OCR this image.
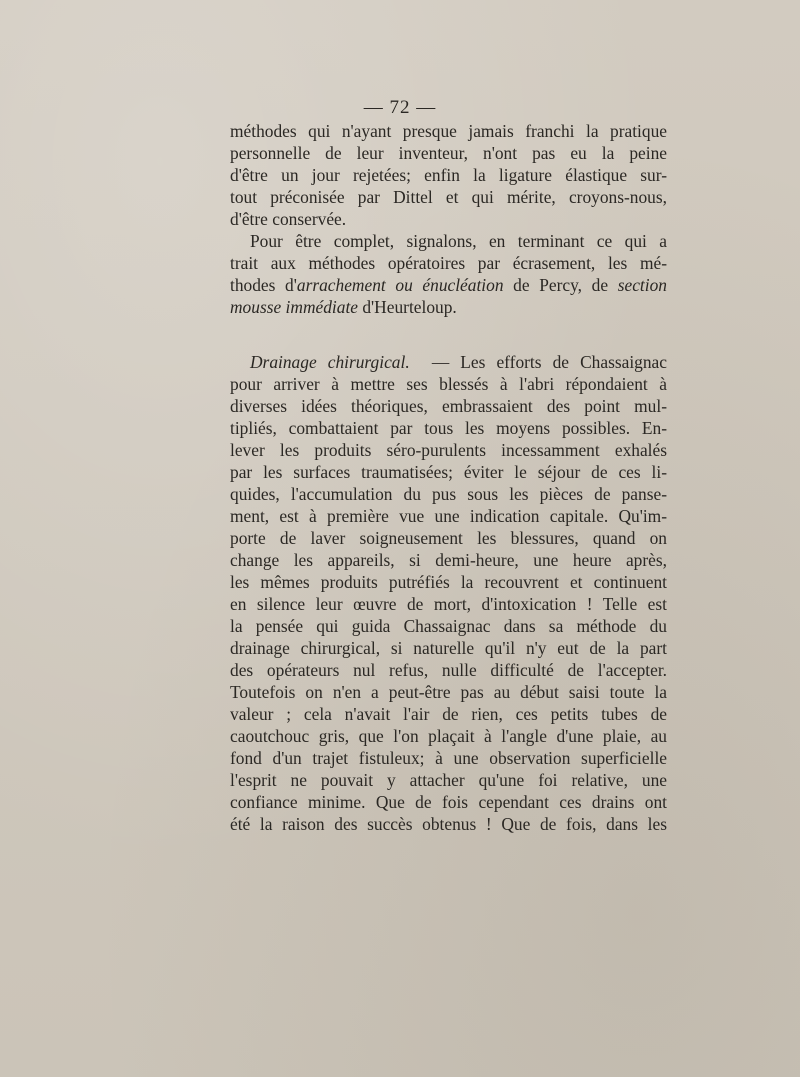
— 72 —
méthodes qui n'ayant presque jamais franchi la pratique
personnelle de leur inventeur, n'ont pas eu la peine
d'être un jour rejetées; enfin la ligature élastique sur-
tout préconisée par Dittel et qui mérite, croyons-nous,
d'être conservée.
Pour être complet, signalons, en terminant ce qui a
trait aux méthodes opératoires par écrasement, les mé-
thodes d'arrachement ou énucléation de Percy, de section
mousse immédiate d'Heurteloup.
Drainage chirurgical. — Les efforts de Chassaignac
pour arriver à mettre ses blessés à l'abri répondaient à
diverses idées théoriques, embrassaient des point mul-
tipliés, combattaient par tous les moyens possibles. En-
lever les produits séro-purulents incessamment exhalés
par les surfaces traumatisées; éviter le séjour de ces li-
quides, l'accumulation du pus sous les pièces de panse-
ment, est à première vue une indication capitale. Qu'im-
porte de laver soigneusement les blessures, quand on
change les appareils, si demi-heure, une heure après,
les mêmes produits putréfiés la recouvrent et continuent
en silence leur œuvre de mort, d'intoxication ! Telle est
la pensée qui guida Chassaignac dans sa méthode du
drainage chirurgical, si naturelle qu'il n'y eut de la part
des opérateurs nul refus, nulle difficulté de l'accepter.
Toutefois on n'en a peut-être pas au début saisi toute la
valeur ; cela n'avait l'air de rien, ces petits tubes de
caoutchouc gris, que l'on plaçait à l'angle d'une plaie, au
fond d'un trajet fistuleux; à une observation superficielle
l'esprit ne pouvait y attacher qu'une foi relative, une
confiance minime. Que de fois cependant ces drains ont
été la raison des succès obtenus ! Que de fois, dans les
